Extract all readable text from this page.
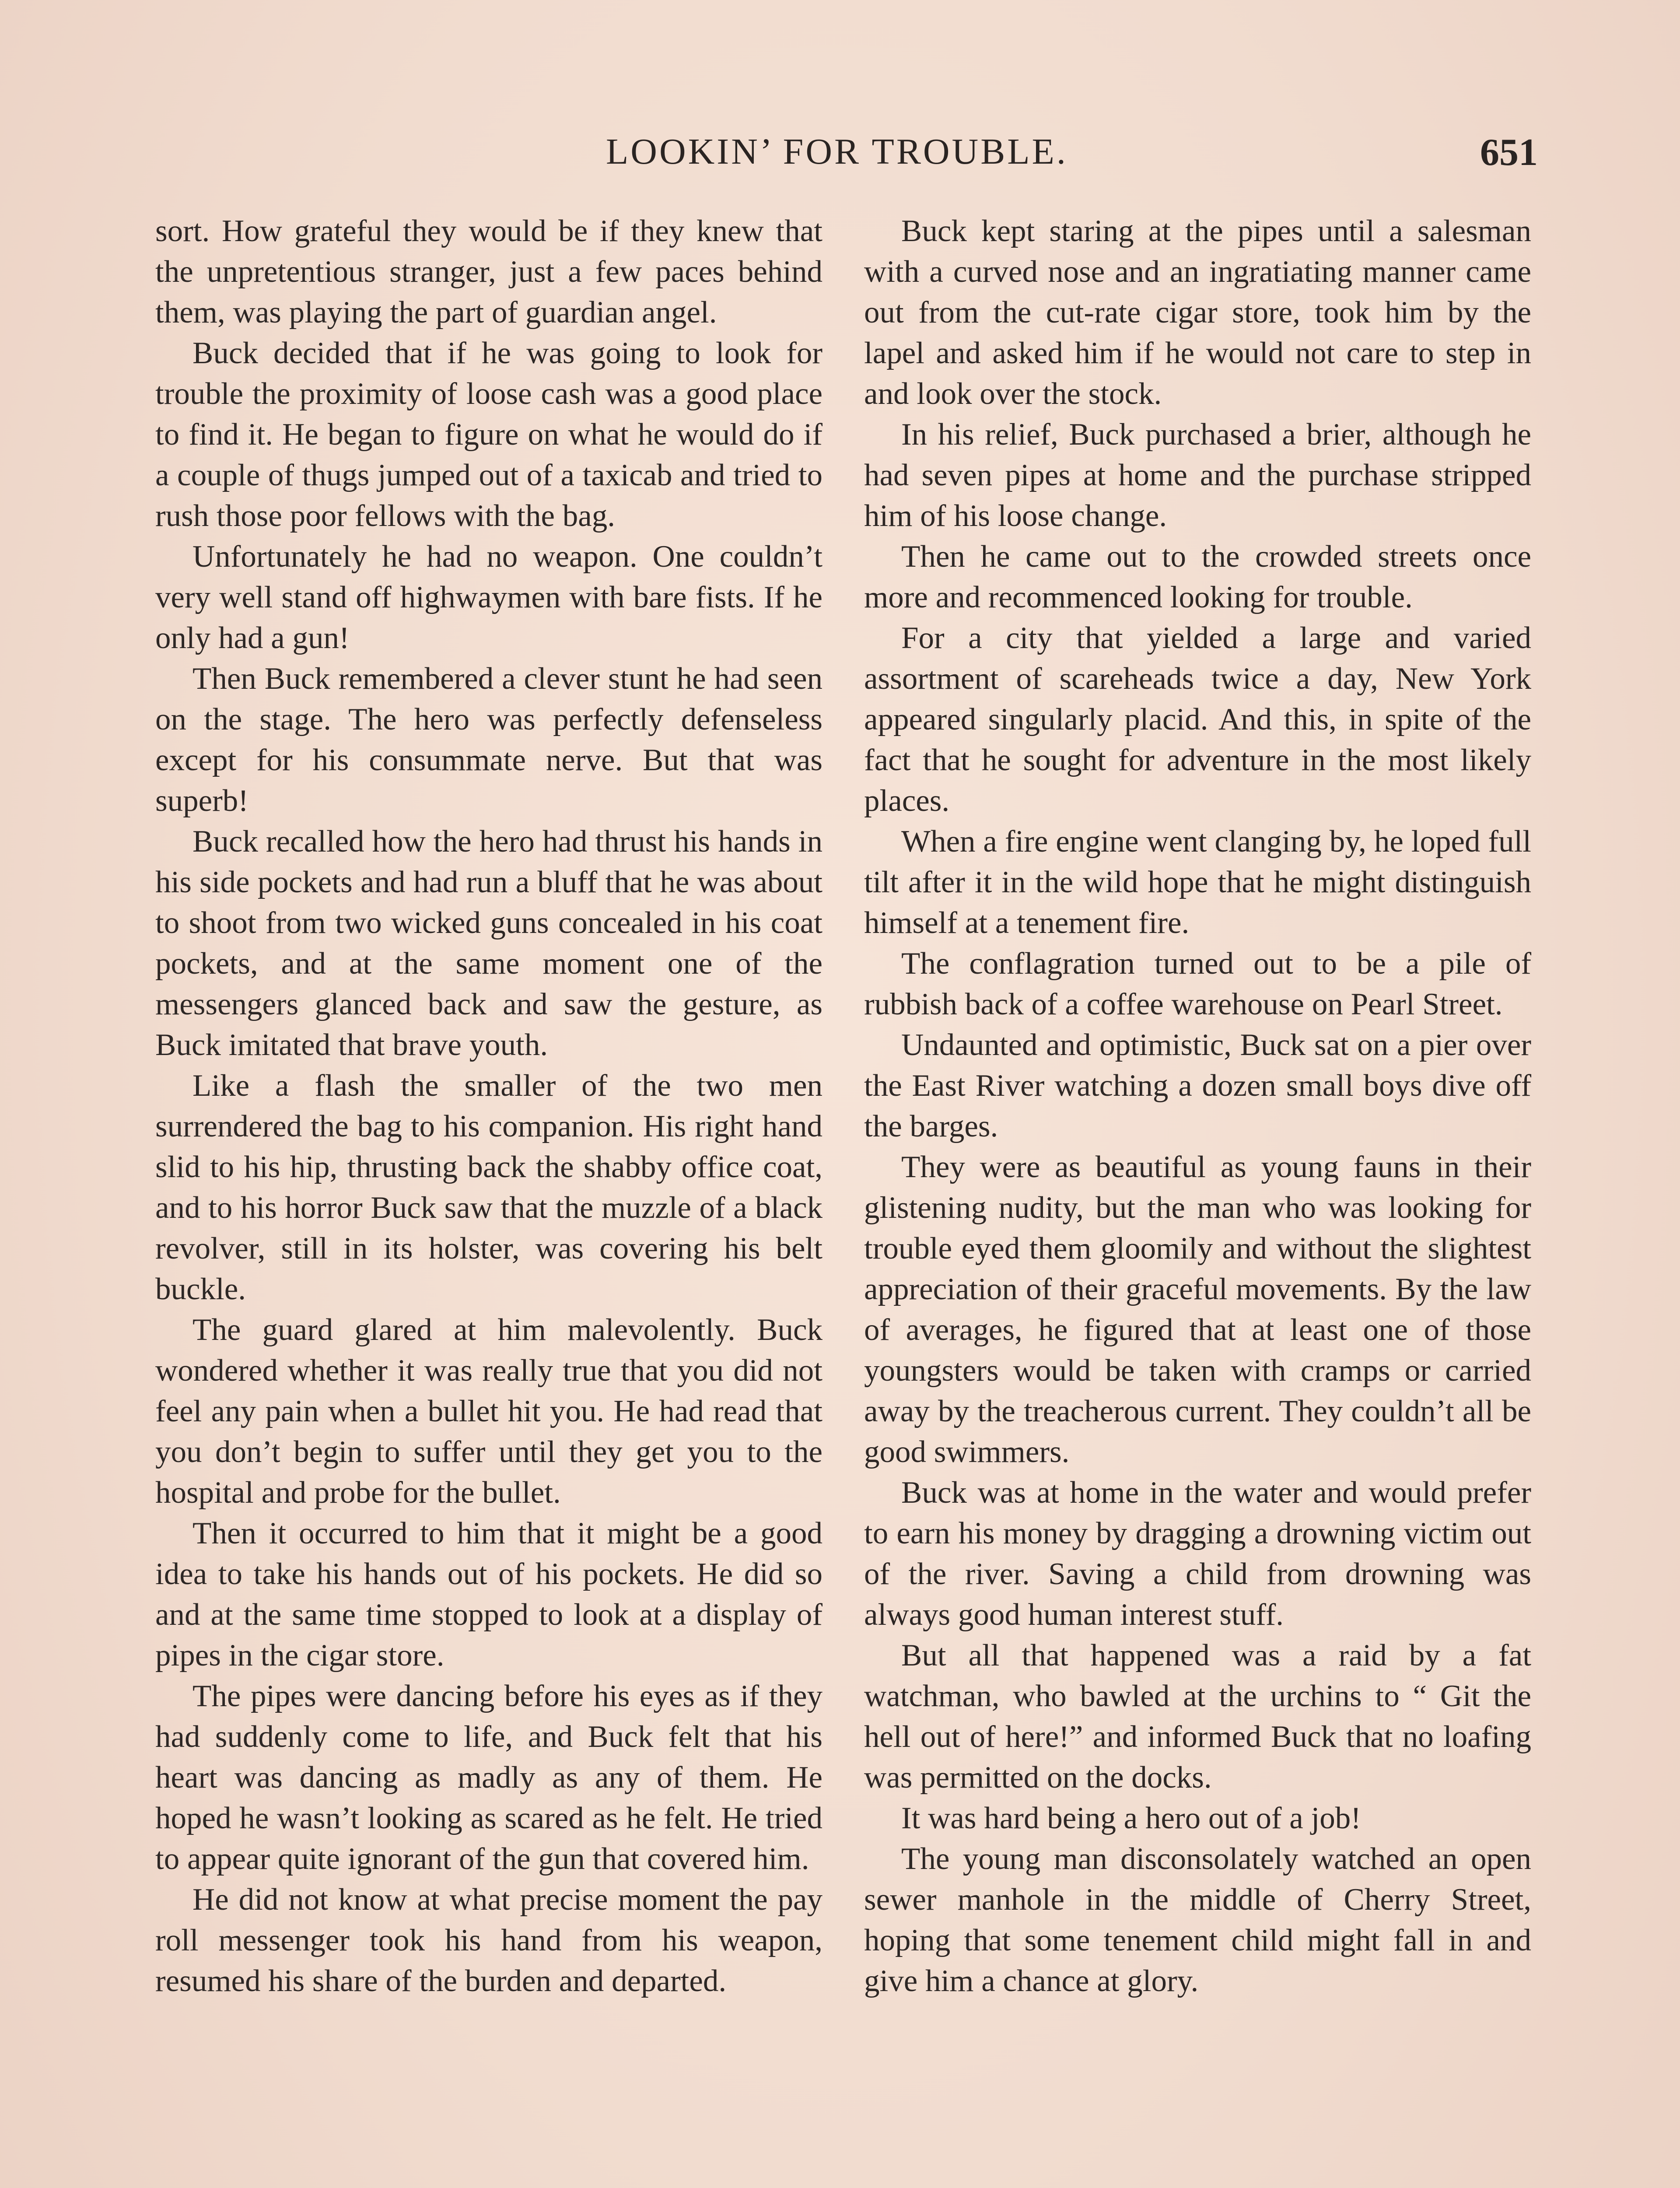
LOOKIN’ FOR TROUBLE.	651

sort. How grateful they would be if they knew that the unpretentious stranger, just a few paces behind them, was playing the part of guardian angel.

Buck decided that if he was going to look for trouble the proximity of loose cash was a good place to find it. He began to figure on what he would do if a couple of thugs jumped out of a taxicab and tried to rush those poor fellows with the bag.

Unfortunately he had no weapon. One couldn’t very well stand off highwaymen with bare fists. If he only had a gun!

Then Buck remembered a clever stunt he had seen on the stage. The hero was perfectly defenseless except for his consummate nerve. But that was superb!

Buck recalled how the hero had thrust his hands in his side pockets and had run a bluff that he was about to shoot from two wicked guns concealed in his coat pockets, and at the same moment one of the messengers glanced back and saw the gesture, as Buck imitated that brave youth.

Like a flash the smaller of the two men surrendered the bag to his companion. His right hand slid to his hip, thrusting back the shabby office coat, and to his horror Buck saw that the muzzle of a black revolver, still in its holster, was covering his belt buckle.

The guard glared at him malevolently. Buck wondered whether it was really true that you did not feel any pain when a bullet hit you. He had read that you don’t begin to suffer until they get you to the hospital and probe for the bullet.

Then it occurred to him that it might be a good idea to take his hands out of his pockets. He did so and at the same time stopped to look at a display of pipes in the cigar store.

The pipes were dancing before his eyes as if they had suddenly come to life, and Buck felt that his heart was dancing as madly as any of them. He hoped he wasn’t looking as scared as he felt. He tried to appear quite ignorant of the gun that covered him.

He did not know at what precise moment the pay roll messenger took his hand from his weapon, resumed his share of the burden and departed.

Buck kept staring at the pipes until a salesman with a curved nose and an ingratiating manner came out from the cut-rate cigar store, took him by the lapel and asked him if he would not care to step in and look over the stock.

In his relief, Buck purchased a brier, although he had seven pipes at home and the purchase stripped him of his loose change.

Then he came out to the crowded streets once more and recommenced looking for trouble.

For a city that yielded a large and varied assortment of scareheads twice a day, New York appeared singularly placid. And this, in spite of the fact that he sought for adventure in the most likely places.

When a fire engine went clanging by, he loped full tilt after it in the wild hope that he might distinguish himself at a tenement fire.

The conflagration turned out to be a pile of rubbish back of a coffee warehouse on Pearl Street.

Undaunted and optimistic, Buck sat on a pier over the East River watching a dozen small boys dive off the barges.

They were as beautiful as young fauns in their glistening nudity, but the man who was looking for trouble eyed them gloomily and without the slightest appreciation of their graceful movements. By the law of averages, he figured that at least one of those youngsters would be taken with cramps or carried away by the treacherous current. They couldn’t all be good swimmers.

Buck was at home in the water and would prefer to earn his money by dragging a drowning victim out of the river. Saving a child from drowning was always good human interest stuff.

But all that happened was a raid by a fat watchman, who bawled at the urchins to “ Git the hell out of here!” and informed Buck that no loafing was permitted on the docks.

It was hard being a hero out of a job!

The young man disconsolately watched an open sewer manhole in the middle of Cherry Street, hoping that some tenement child might fall in and give him a chance at glory.
